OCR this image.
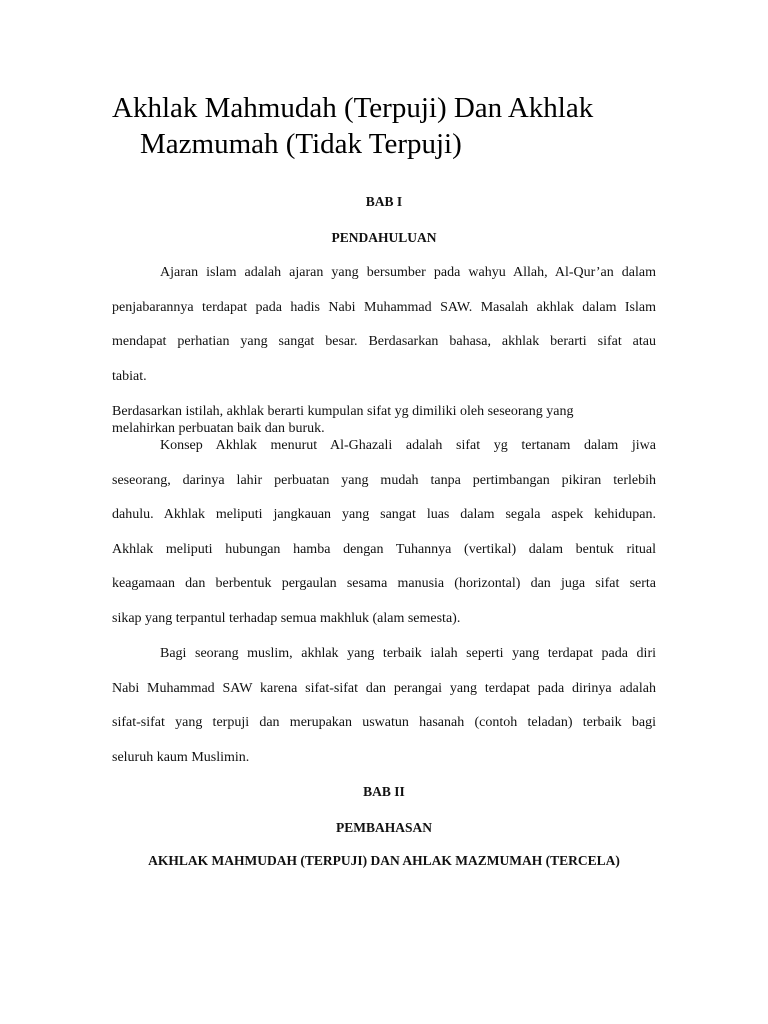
Akhlak Mahmudah (Terpuji) Dan Akhlak
Mazmumah (Tidak Terpuji)

BAB I

PENDAHULUAN

Ajaran islam adalah ajaran yang bersumber pada wahyu Allah, Al-Qur’an dalam
penjabarannya terdapat pada hadis Nabi Muhammad SAW. Masalah akhlak dalam Islam
mendapat perhatian yang sangat besar. Berdasarkan bahasa, akhlak berarti sifat atau
tabiat.
Berdasarkan istilah, akhlak berarti kumpulan sifat yg dimiliki oleh seseorang yang
melahirkan perbuatan baik dan buruk.
Konsep Akhlak menurut Al-Ghazali adalah sifat yg tertanam dalam jiwa
seseorang, darinya lahir perbuatan yang mudah tanpa pertimbangan pikiran terlebih
dahulu. Akhlak meliputi jangkauan yang sangat luas dalam segala aspek kehidupan.
Akhlak meliputi hubungan hamba dengan Tuhannya (vertikal) dalam bentuk ritual
keagamaan dan berbentuk pergaulan sesama manusia (horizontal) dan juga sifat serta
sikap yang terpantul terhadap semua makhluk (alam semesta).
Bagi seorang muslim, akhlak yang terbaik ialah seperti yang terdapat pada diri
Nabi Muhammad SAW karena sifat-sifat dan perangai yang terdapat pada dirinya adalah
sifat-sifat yang terpuji dan merupakan uswatun hasanah (contoh teladan) terbaik bagi
seluruh kaum Muslimin.

BAB II

PEMBAHASAN

AKHLAK MAHMUDAH (TERPUJI) DAN AHLAK MAZMUMAH (TERCELA)
